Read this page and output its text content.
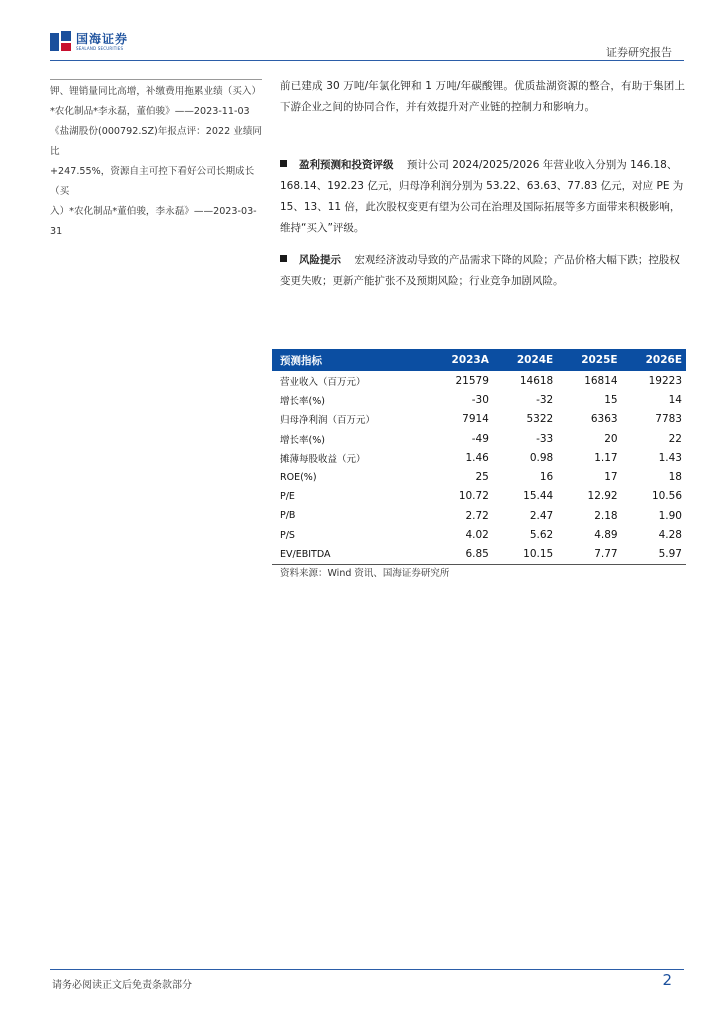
国海证券
SEALAND SECURITIES	证券研究报告

钾、锂销量同比高增，补缴费用拖累业绩（买入）

*农化制品*李永磊，董伯骏》——2023-11-03

《盐湖股份(000792.SZ)年报点评：2022 业绩同比

+247.55%，资源自主可控下看好公司长期成长（买

入）*农化制品*董伯骏，李永磊》——2023-03-31

前已建成 30 万吨/年氯化钾和 1 万吨/年碳酸锂。优质盐湖资源的整合，有助于集团上下游企业之间的协同合作，并有效提升对产业链的控制力和影响力。

盈利预测和投资评级 预计公司 2024/2025/2026 年营业收入分别为 146.18、168.14、192.23 亿元，归母净利润分别为 53.22、63.63、77.83 亿元，对应 PE 为 15、13、11 倍，此次股权变更有望为公司在治理及国际拓展等多方面带来积极影响，维持“买入”评级。
风险提示 宏观经济波动导致的产品需求下降的风险；产品价格大幅下跌；控股权变更失败；更新产能扩张不及预期风险；行业竞争加剧风险。
预测指标	2023A	2024E	2025E	2026E
营业收入（百万元）	21579	14618	16814	19223
增长率(%)	-30	-32	15	14
归母净利润（百万元）	7914	5322	6363	7783
增长率(%)	-49	-33	20	22
摊薄每股收益（元）	1.46	0.98	1.17	1.43
ROE(%)	25	16	17	18
P/E	10.72	15.44	12.92	10.56
P/B	2.72	2.47	2.18	1.90
P/S	4.02	5.62	4.89	4.28
EV/EBITDA	6.85	10.15	7.77	5.97
资料来源：Wind 资讯、国海证券研究所
请务必阅读正文后免责条款部分	2
